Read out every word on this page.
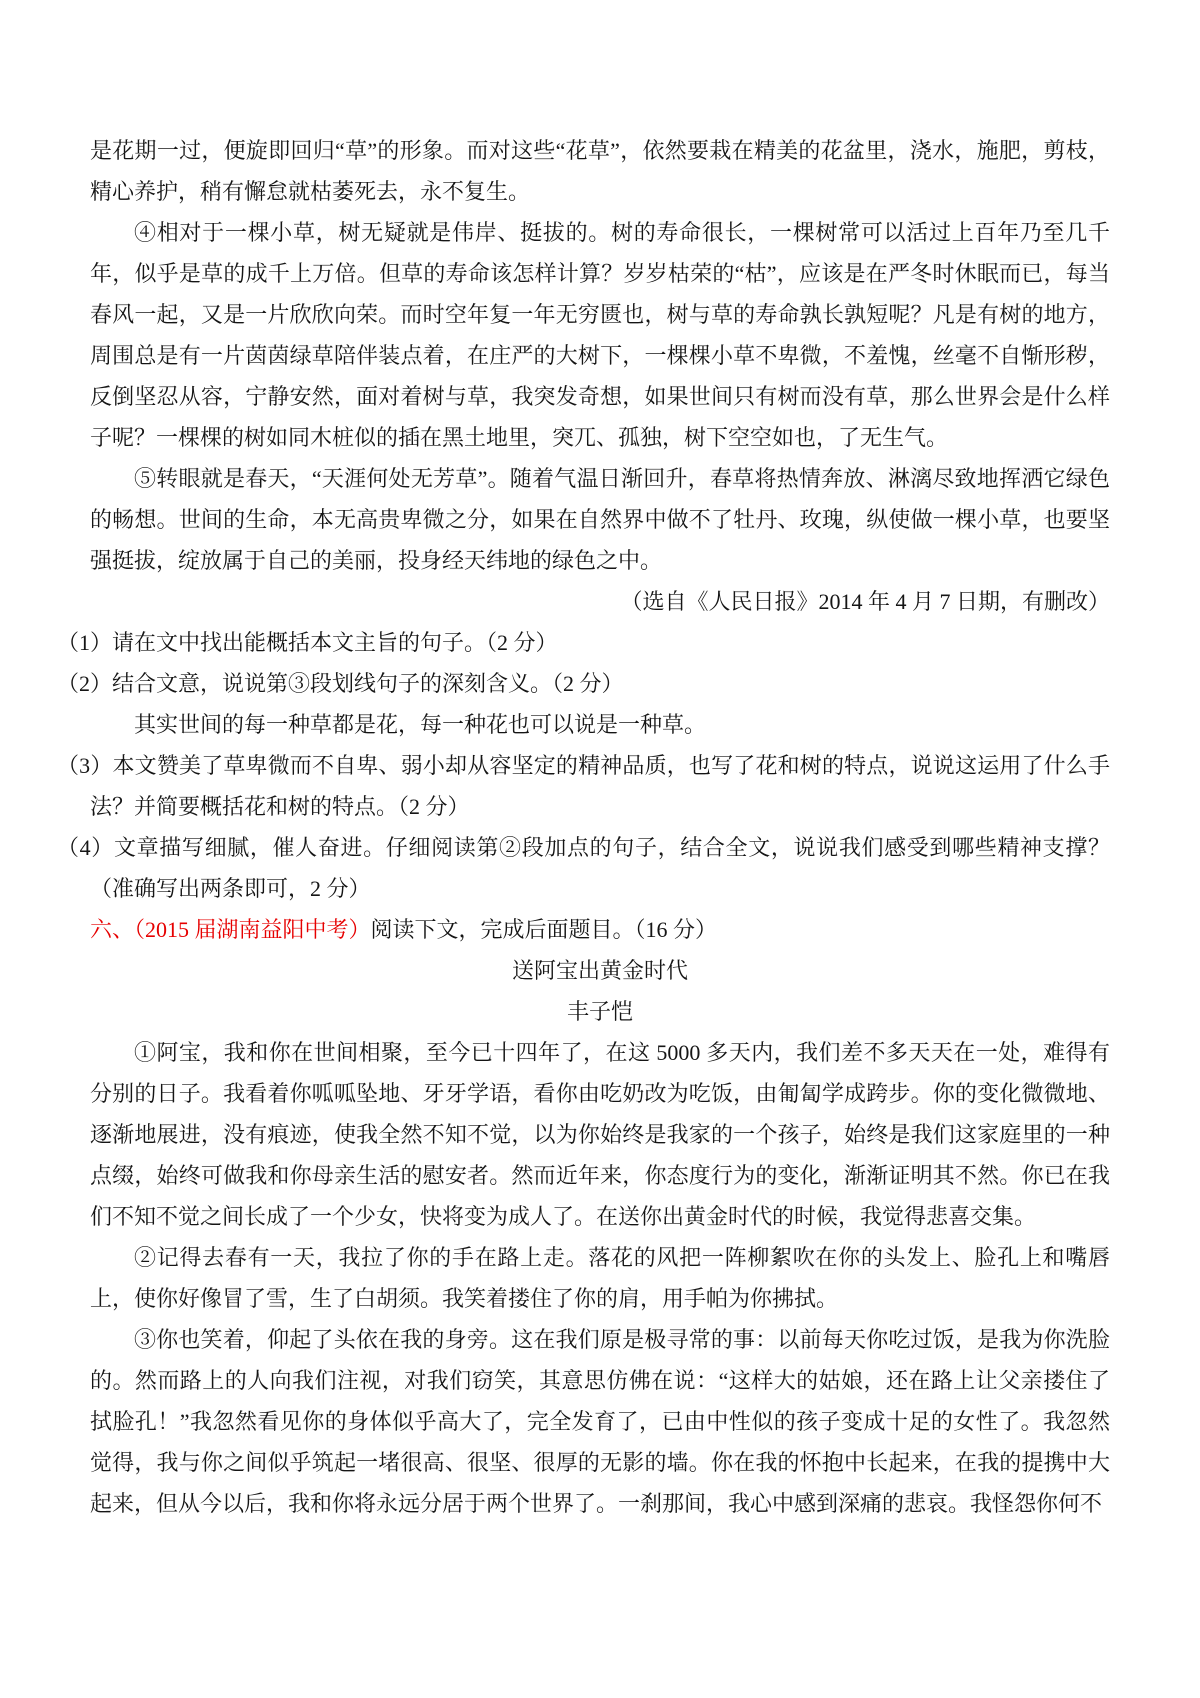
是花期一过，便旋即回归“草”的形象。而对这些“花草”，依然要栽在精美的花盆里，浇水，施肥，剪枝，精心养护，稍有懈怠就枯萎死去，永不复生。

④相对于一棵小草，树无疑就是伟岸、挺拔的。树的寿命很长，一棵树常可以活过上百年乃至几千年，似乎是草的成千上万倍。但草的寿命该怎样计算？岁岁枯荣的“枯”，应该是在严冬时休眠而已，每当春风一起，又是一片欣欣向荣。而时空年复一年无穷匮也，树与草的寿命孰长孰短呢？凡是有树的地方，周围总是有一片茵茵绿草陪伴装点着，在庄严的大树下，一棵棵小草不卑微，不羞愧，丝毫不自惭形秽，反倒坚忍从容，宁静安然，面对着树与草，我突发奇想，如果世间只有树而没有草，那么世界会是什么样子呢？一棵棵的树如同木桩似的插在黑土地里，突兀、孤独，树下空空如也，了无生气。

⑤转眼就是春天，“天涯何处无芳草”。随着气温日渐回升，春草将热情奔放、淋漓尽致地挥洒它绿色的畅想。世间的生命，本无高贵卑微之分，如果在自然界中做不了牡丹、玫瑰，纵使做一棵小草，也要坚强挺拔，绽放属于自己的美丽，投身经天纬地的绿色之中。

（选自《人民日报》2014 年 4 月 7 日期，有删改）

（1）请在文中找出能概括本文主旨的句子。（2 分）

（2）结合文意，说说第③段划线句子的深刻含义。（2 分）

其实世间的每一种草都是花，每一种花也可以说是一种草。

（3）本文赞美了草卑微而不自卑、弱小却从容坚定的精神品质，也写了花和树的特点，说说这运用了什么手法？并简要概括花和树的特点。（2 分）

（4）文章描写细腻，催人奋进。仔细阅读第②段加点的句子，结合全文，说说我们感受到哪些精神支撑？（准确写出两条即可，2 分）

六、（2015 届湖南益阳中考）阅读下文，完成后面题目。（16 分）

送阿宝出黄金时代

丰子恺

①阿宝，我和你在世间相聚，至今已十四年了，在这 5000 多天内，我们差不多天天在一处，难得有分别的日子。我看着你呱呱坠地、牙牙学语，看你由吃奶改为吃饭，由匍匐学成跨步。你的变化微微地、逐渐地展进，没有痕迹，使我全然不知不觉，以为你始终是我家的一个孩子，始终是我们这家庭里的一种点缀，始终可做我和你母亲生活的慰安者。然而近年来，你态度行为的变化，渐渐证明其不然。你已在我们不知不觉之间长成了一个少女，快将变为成人了。在送你出黄金时代的时候，我觉得悲喜交集。

②记得去春有一天，我拉了你的手在路上走。落花的风把一阵柳絮吹在你的头发上、脸孔上和嘴唇上，使你好像冒了雪，生了白胡须。我笑着搂住了你的肩，用手帕为你拂拭。

③你也笑着，仰起了头依在我的身旁。这在我们原是极寻常的事：以前每天你吃过饭，是我为你洗脸的。然而路上的人向我们注视，对我们窃笑，其意思仿佛在说：“这样大的姑娘，还在路上让父亲搂住了拭脸孔！”我忽然看见你的身体似乎高大了，完全发育了，已由中性似的孩子变成十足的女性了。我忽然觉得，我与你之间似乎筑起一堵很高、很坚、很厚的无影的墙。你在我的怀抱中长起来，在我的提携中大起来，但从今以后，我和你将永远分居于两个世界了。一刹那间，我心中感到深痛的悲哀。我怪怨你何不
